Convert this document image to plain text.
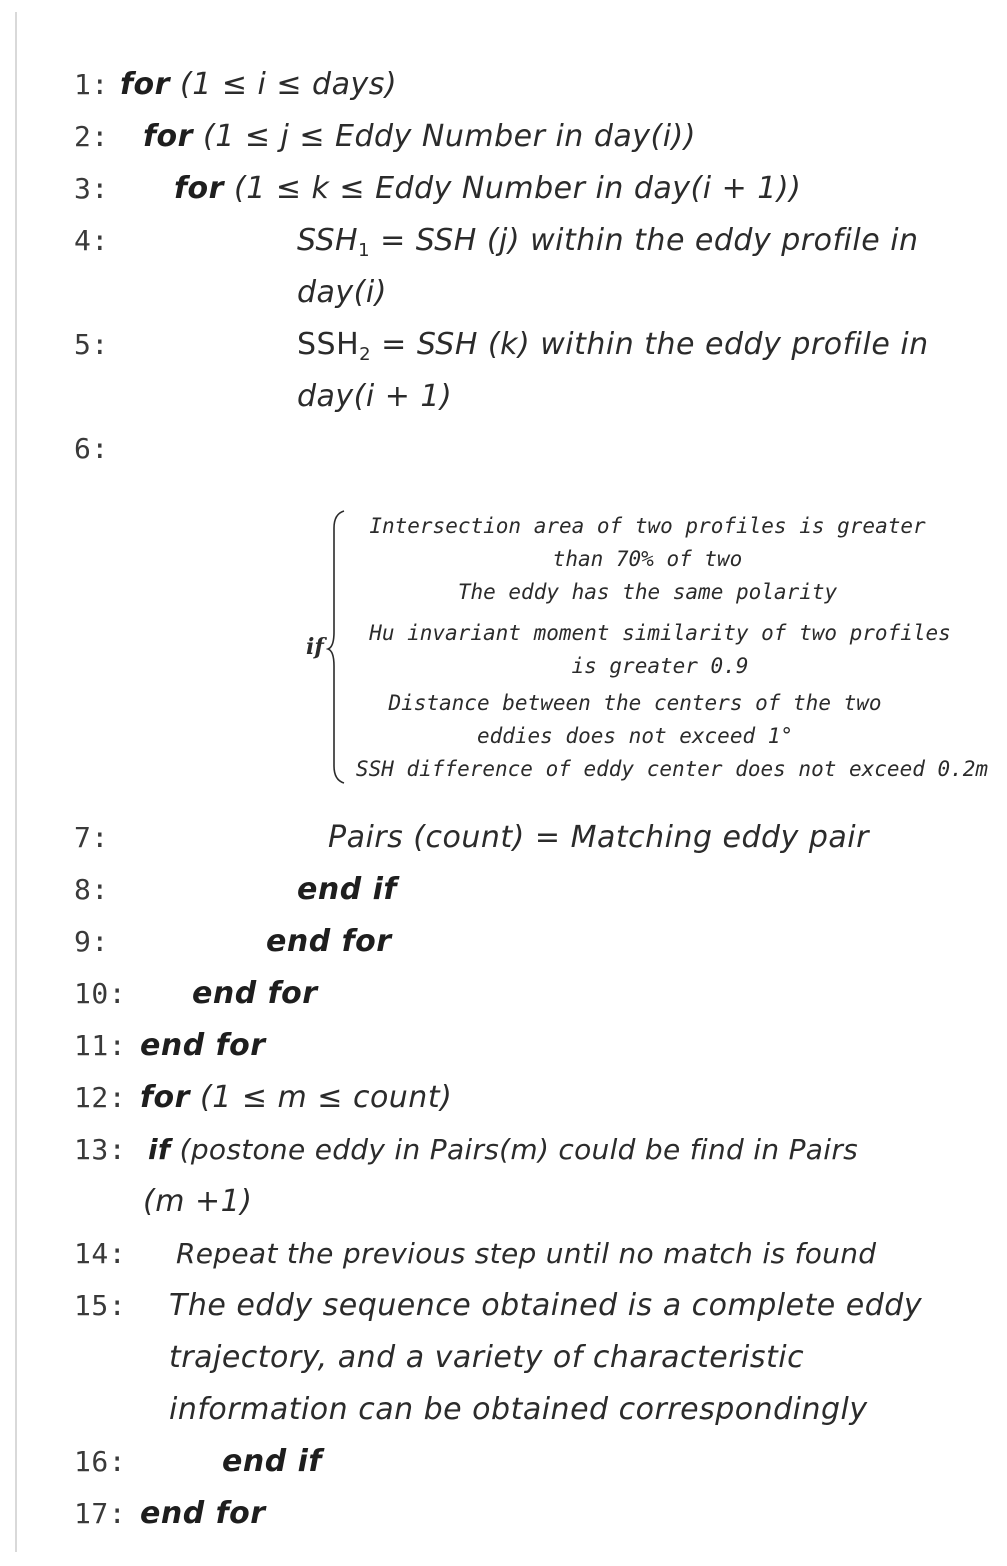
1: for (1 ≤ i ≤ days)
2: for (1 ≤ j ≤ Eddy Number in day(i))
3: for (1 ≤ k ≤ Eddy Number in day(i + 1))
4:	$SSH_1$ = SSH (j) within the eddy profile in
day(i)
5:	$SSH_2$ = SSH (k) within the eddy profile in
day(i + 1)
6:
if
Intersection area of two profiles is greater
than 70% of two
The eddy has the same polarity
Hu invariant moment similarity of two profiles
is greater 0.9
Distance between the centers of the two
eddies does not exceed 1°
SSH difference of eddy center does not exceed 0.2m
7:	Pairs (count) = Matching eddy pair
8:	end if
9:	end for
10: end for
11: end for
12: for (1 ≤ m ≤ count)
13: if (postone eddy in Pairs(m) could be find in Pairs
(m +1)
14: Repeat the previous step until no match is found
15: The eddy sequence obtained is a complete eddy
trajectory, and a variety of characteristic
information can be obtained correspondingly
16:	end if
17: end for
